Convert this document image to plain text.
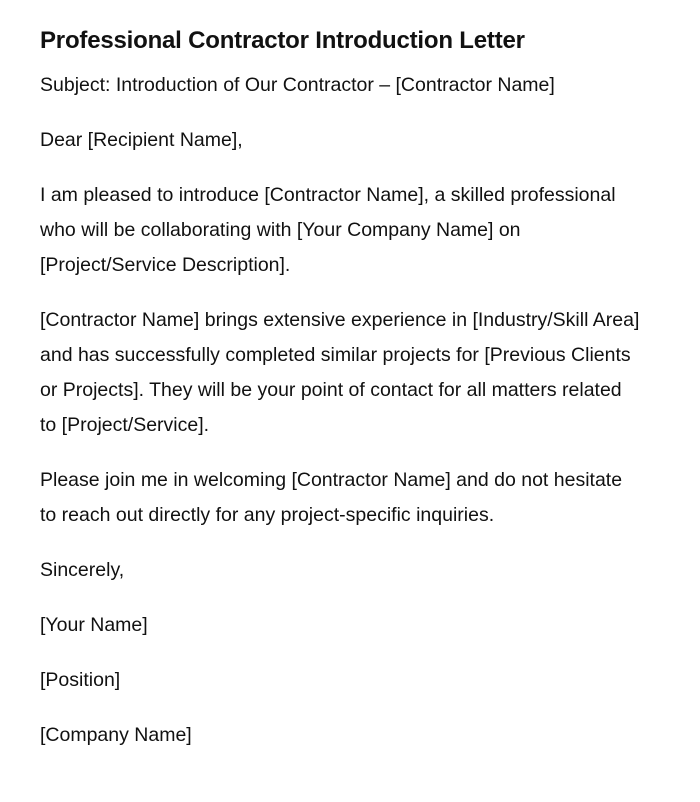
Professional Contractor Introduction Letter

Subject: Introduction of Our Contractor – [Contractor Name]

Dear [Recipient Name],

I am pleased to introduce [Contractor Name], a skilled professional who will be collaborating with [Your Company Name] on [Project/Service Description].

[Contractor Name] brings extensive experience in [Industry/Skill Area] and has successfully completed similar projects for [Previous Clients or Projects]. They will be your point of contact for all matters related to [Project/Service].

Please join me in welcoming [Contractor Name] and do not hesitate to reach out directly for any project-specific inquiries.

Sincerely,

[Your Name]

[Position]

[Company Name]
